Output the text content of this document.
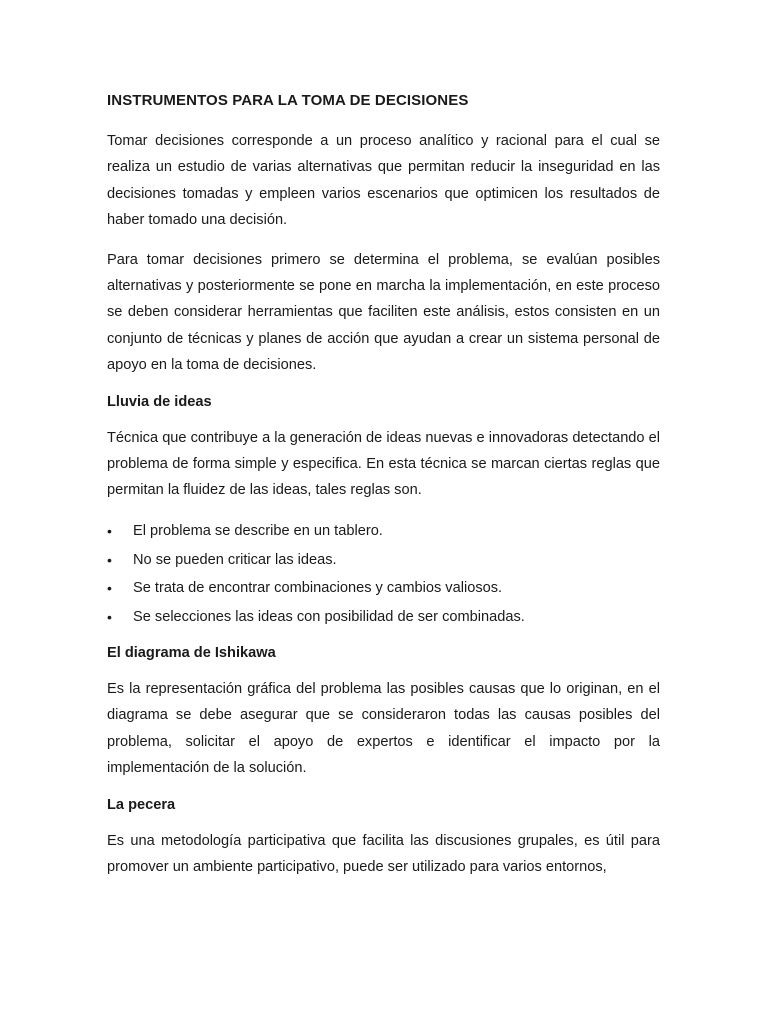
INSTRUMENTOS PARA LA TOMA DE DECISIONES

Tomar decisiones corresponde a un proceso analítico y racional para el cual se realiza un estudio de varias alternativas que permitan reducir la inseguridad en las decisiones tomadas y empleen varios escenarios que optimicen los resultados de haber tomado una decisión.

Para tomar decisiones primero se determina el problema, se evalúan posibles alternativas y posteriormente se pone en marcha la implementación, en este proceso se deben considerar herramientas que faciliten este análisis, estos consisten en un conjunto de técnicas y planes de acción que ayudan a crear un sistema personal de apoyo en la toma de decisiones.

Lluvia de ideas

Técnica que contribuye a la generación de ideas nuevas e innovadoras detectando el problema de forma simple y especifica. En esta técnica se marcan ciertas reglas que permitan la fluidez de las ideas, tales reglas son.

• El problema se describe en un tablero.
• No se pueden criticar las ideas.
• Se trata de encontrar combinaciones y cambios valiosos.
• Se selecciones las ideas con posibilidad de ser combinadas.
El diagrama de Ishikawa

Es la representación gráfica del problema las posibles causas que lo originan, en el diagrama se debe asegurar que se consideraron todas las causas posibles del problema, solicitar el apoyo de expertos e identificar el impacto por la implementación de la solución.

La pecera

Es una metodología participativa que facilita las discusiones grupales, es útil para promover un ambiente participativo, puede ser utilizado para varios entornos,
